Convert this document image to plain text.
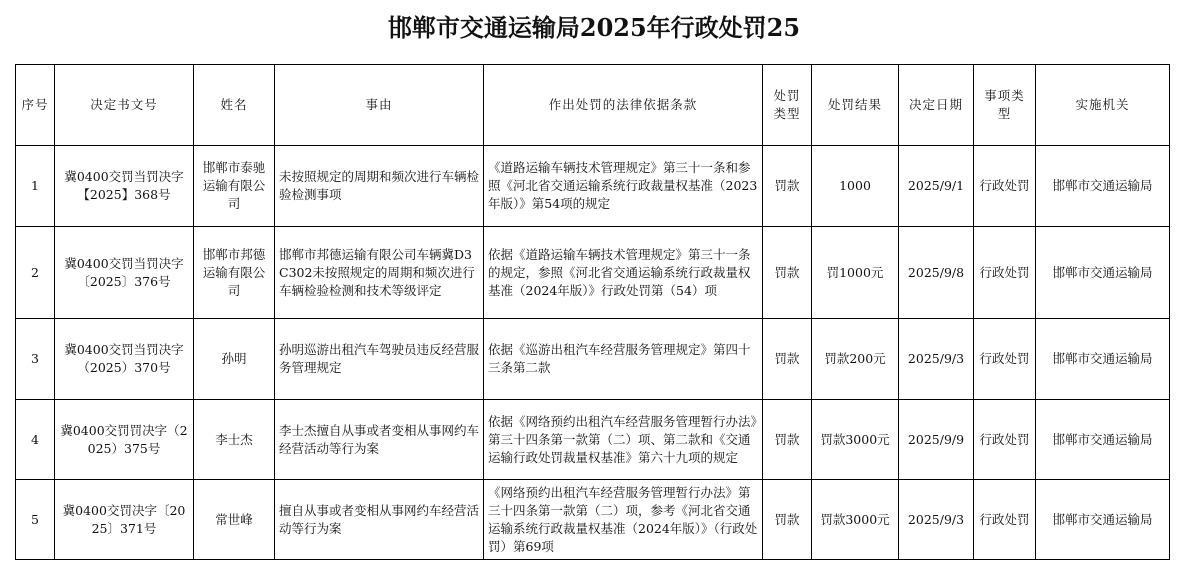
邯郸市交通运输局2025年行政处罚25
序号	决定书文号	姓名	事由	作出处罚的法律依据条款	处罚类型	处罚结果	决定日期	事项类型	实施机关
1	冀0400交罚当罚决字【2025】368号	邯郸市泰驰运输有限公司	未按照规定的周期和频次进行车辆检验检测事项	《道路运输车辆技术管理规定》第三十一条和参照《河北省交通运输系统行政裁量权基准（2023年版）》第54项的规定	罚款	1000	2025/9/1	行政处罚	邯郸市交通运输局
2	冀0400交罚当罚决字〔2025〕376号	邯郸市邦德运输有限公司	邯郸市邦德运输有限公司车辆冀D3C302未按照规定的周期和频次进行车辆检验检测和技术等级评定	依据《道路运输车辆技术管理规定》第三十一条的规定，参照《河北省交通运输系统行政裁量权基准（2024年版）》行政处罚第（54）项	罚款	罚1000元	2025/9/8	行政处罚	邯郸市交通运输局
3	冀0400交罚当罚决字（2025）370号	孙明	孙明巡游出租汽车驾驶员违反经营服务管理规定	依据《巡游出租汽车经营服务管理规定》第四十三条第二款	罚款	罚款200元	2025/9/3	行政处罚	邯郸市交通运输局
4	冀0400交罚罚决字（2025）375号	李士杰	李士杰擅自从事或者变相从事网约车经营活动等行为案	依据《网络预约出租汽车经营服务管理暂行办法》第三十四条第一款第（二）项、第二款和《交通运输行政处罚裁量权基准》第六十九项的规定	罚款	罚款3000元	2025/9/9	行政处罚	邯郸市交通运输局
5	冀0400交罚决字〔2025〕371号	常世峰	擅自从事或者变相从事网约车经营活动等行为案	《网络预约出租汽车经营服务管理暂行办法》第三十四条第一款第（二）项，参考《河北省交通运输系统行政裁量权基准（2024年版）》（行政处罚）第69项	罚款	罚款3000元	2025/9/3	行政处罚	邯郸市交通运输局
